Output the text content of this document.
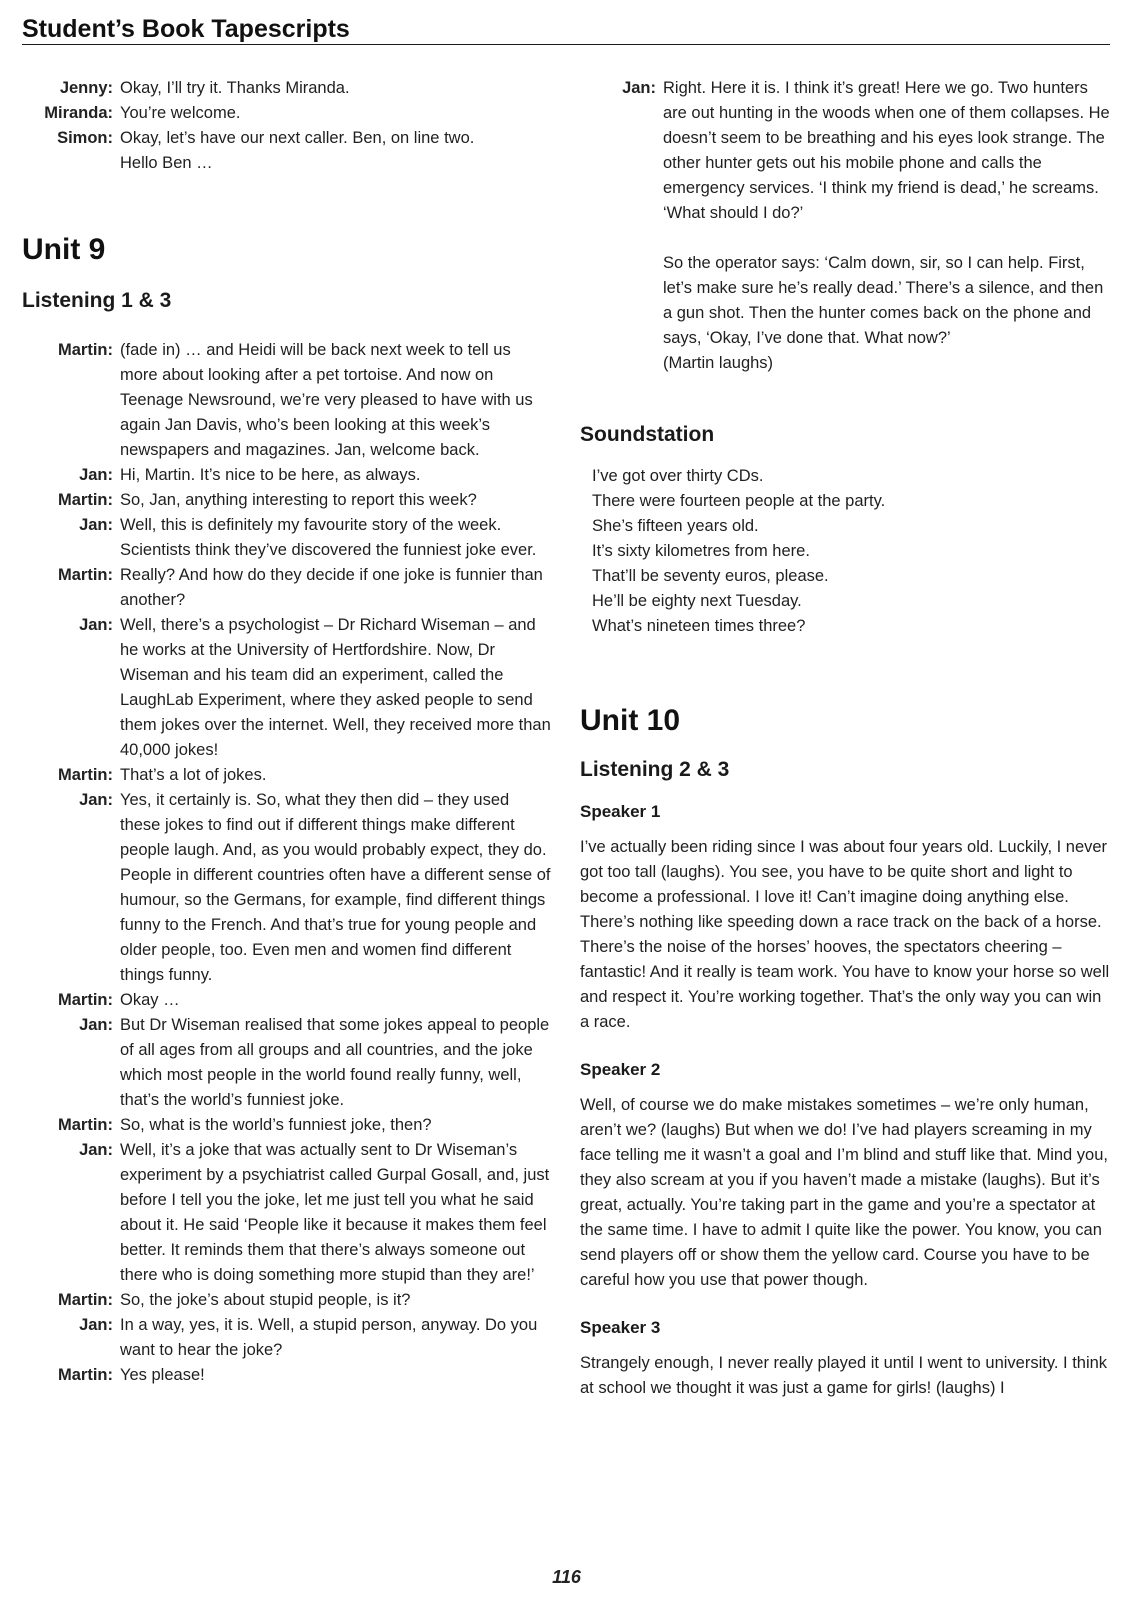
Student’s Book Tapescripts
Jenny: Okay, I’ll try it. Thanks Miranda.
Miranda: You’re welcome.
Simon: Okay, let’s have our next caller. Ben, on line two. Hello Ben …
Unit 9
Listening 1 & 3
Martin: (fade in) … and Heidi will be back next week to tell us more about looking after a pet tortoise. And now on Teenage Newsround, we’re very pleased to have with us again Jan Davis, who’s been looking at this week’s newspapers and magazines. Jan, welcome back.
Jan: Hi, Martin. It’s nice to be here, as always.
Martin: So, Jan, anything interesting to report this week?
Jan: Well, this is definitely my favourite story of the week. Scientists think they’ve discovered the funniest joke ever.
Martin: Really? And how do they decide if one joke is funnier than another?
Jan: Well, there’s a psychologist – Dr Richard Wiseman – and he works at the University of Hertfordshire. Now, Dr Wiseman and his team did an experiment, called the LaughLab Experiment, where they asked people to send them jokes over the internet. Well, they received more than 40,000 jokes!
Martin: That’s a lot of jokes.
Jan: Yes, it certainly is. So, what they then did – they used these jokes to find out if different things make different people laugh. And, as you would probably expect, they do. People in different countries often have a different sense of humour, so the Germans, for example, find different things funny to the French. And that’s true for young people and older people, too. Even men and women find different things funny.
Martin: Okay …
Jan: But Dr Wiseman realised that some jokes appeal to people of all ages from all groups and all countries, and the joke which most people in the world found really funny, well, that’s the world’s funniest joke.
Martin: So, what is the world’s funniest joke, then?
Jan: Well, it’s a joke that was actually sent to Dr Wiseman’s experiment by a psychiatrist called Gurpal Gosall, and, just before I tell you the joke, let me just tell you what he said about it. He said ‘People like it because it makes them feel better. It reminds them that there’s always someone out there who is doing something more stupid than they are!’
Martin: So, the joke’s about stupid people, is it?
Jan: In a way, yes, it is. Well, a stupid person, anyway. Do you want to hear the joke?
Martin: Yes please!
Jan: Right. Here it is. I think it’s great! Here we go. Two hunters are out hunting in the woods when one of them collapses. He doesn’t seem to be breathing and his eyes look strange. The other hunter gets out his mobile phone and calls the emergency services. ‘I think my friend is dead,’ he screams. ‘What should I do?’
So the operator says: ‘Calm down, sir, so I can help. First, let’s make sure he’s really dead.’ There’s a silence, and then a gun shot. Then the hunter comes back on the phone and says, ‘Okay, I’ve done that. What now?’
(Martin laughs)
Soundstation
I’ve got over thirty CDs.
There were fourteen people at the party.
She’s fifteen years old.
It’s sixty kilometres from here.
That’ll be seventy euros, please.
He’ll be eighty next Tuesday.
What’s nineteen times three?
Unit 10
Listening 2 & 3
Speaker 1
I’ve actually been riding since I was about four years old. Luckily, I never got too tall (laughs). You see, you have to be quite short and light to become a professional. I love it! Can’t imagine doing anything else. There’s nothing like speeding down a race track on the back of a horse. There’s the noise of the horses’ hooves, the spectators cheering – fantastic! And it really is team work. You have to know your horse so well and respect it. You’re working together. That’s the only way you can win a race.
Speaker 2
Well, of course we do make mistakes sometimes – we’re only human, aren’t we? (laughs) But when we do! I’ve had players screaming in my face telling me it wasn’t a goal and I’m blind and stuff like that. Mind you, they also scream at you if you haven’t made a mistake (laughs). But it’s great, actually. You’re taking part in the game and you’re a spectator at the same time. I have to admit I quite like the power. You know, you can send players off or show them the yellow card. Course you have to be careful how you use that power though.
Speaker 3
Strangely enough, I never really played it until I went to university. I think at school we thought it was just a game for girls! (laughs) I
116
